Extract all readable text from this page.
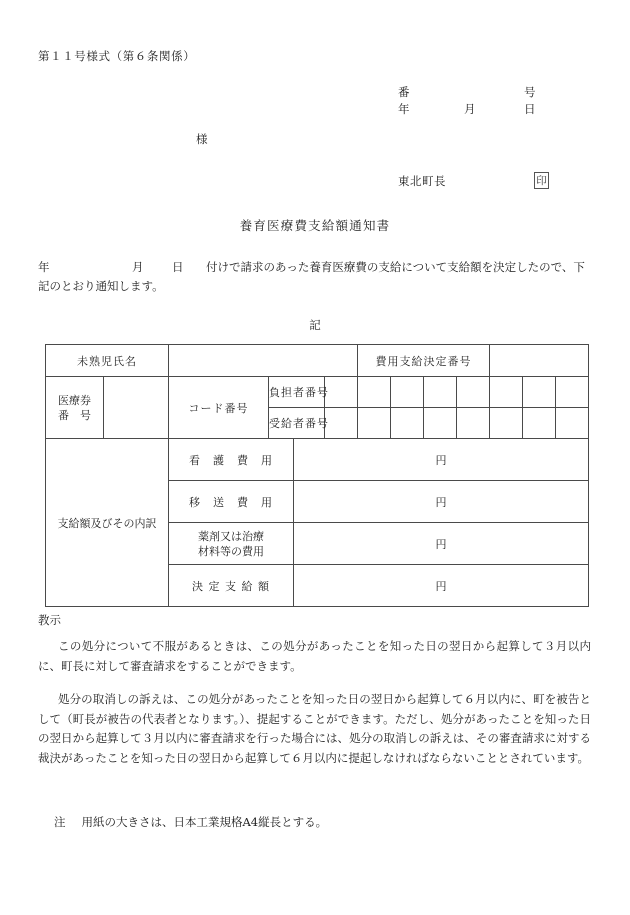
第１１号様式（第６条関係）
番	号
年	月	日
様
東北町長	印
養育医療費支給額通知書
年	月 日 付けで請求のあった養育医療費の支給について支給額を決定したので、下記のとおり通知します。
記
未熟児氏名						費用支給決定番号						

医療券
番　号		コード番号	負担者番号									
			受給者番号									
支給額及びその内訳		看　護　費　用		円								
		移　送　費　用		円								

		薬剤又は治療
材料等の費用		円								
		決 定 支 給 額		円								
教示
この処分について不服があるときは、この処分があったことを知った日の翌日から起算して３月以内に、町長に対して審査請求をすることができます。
処分の取消しの訴えは、この処分があったことを知った日の翌日から起算して６月以内に、町を被告として（町長が被告の代表者となります。）、提起することができます。ただし、処分があったことを知った日の翌日から起算して３月以内に審査請求を行った場合には、処分の取消しの訴えは、その審査請求に対する裁決があったことを知った日の翌日から起算して６月以内に提起しなければならないこととされています。
注 用紙の大きさは、日本工業規格A4縦長とする。
